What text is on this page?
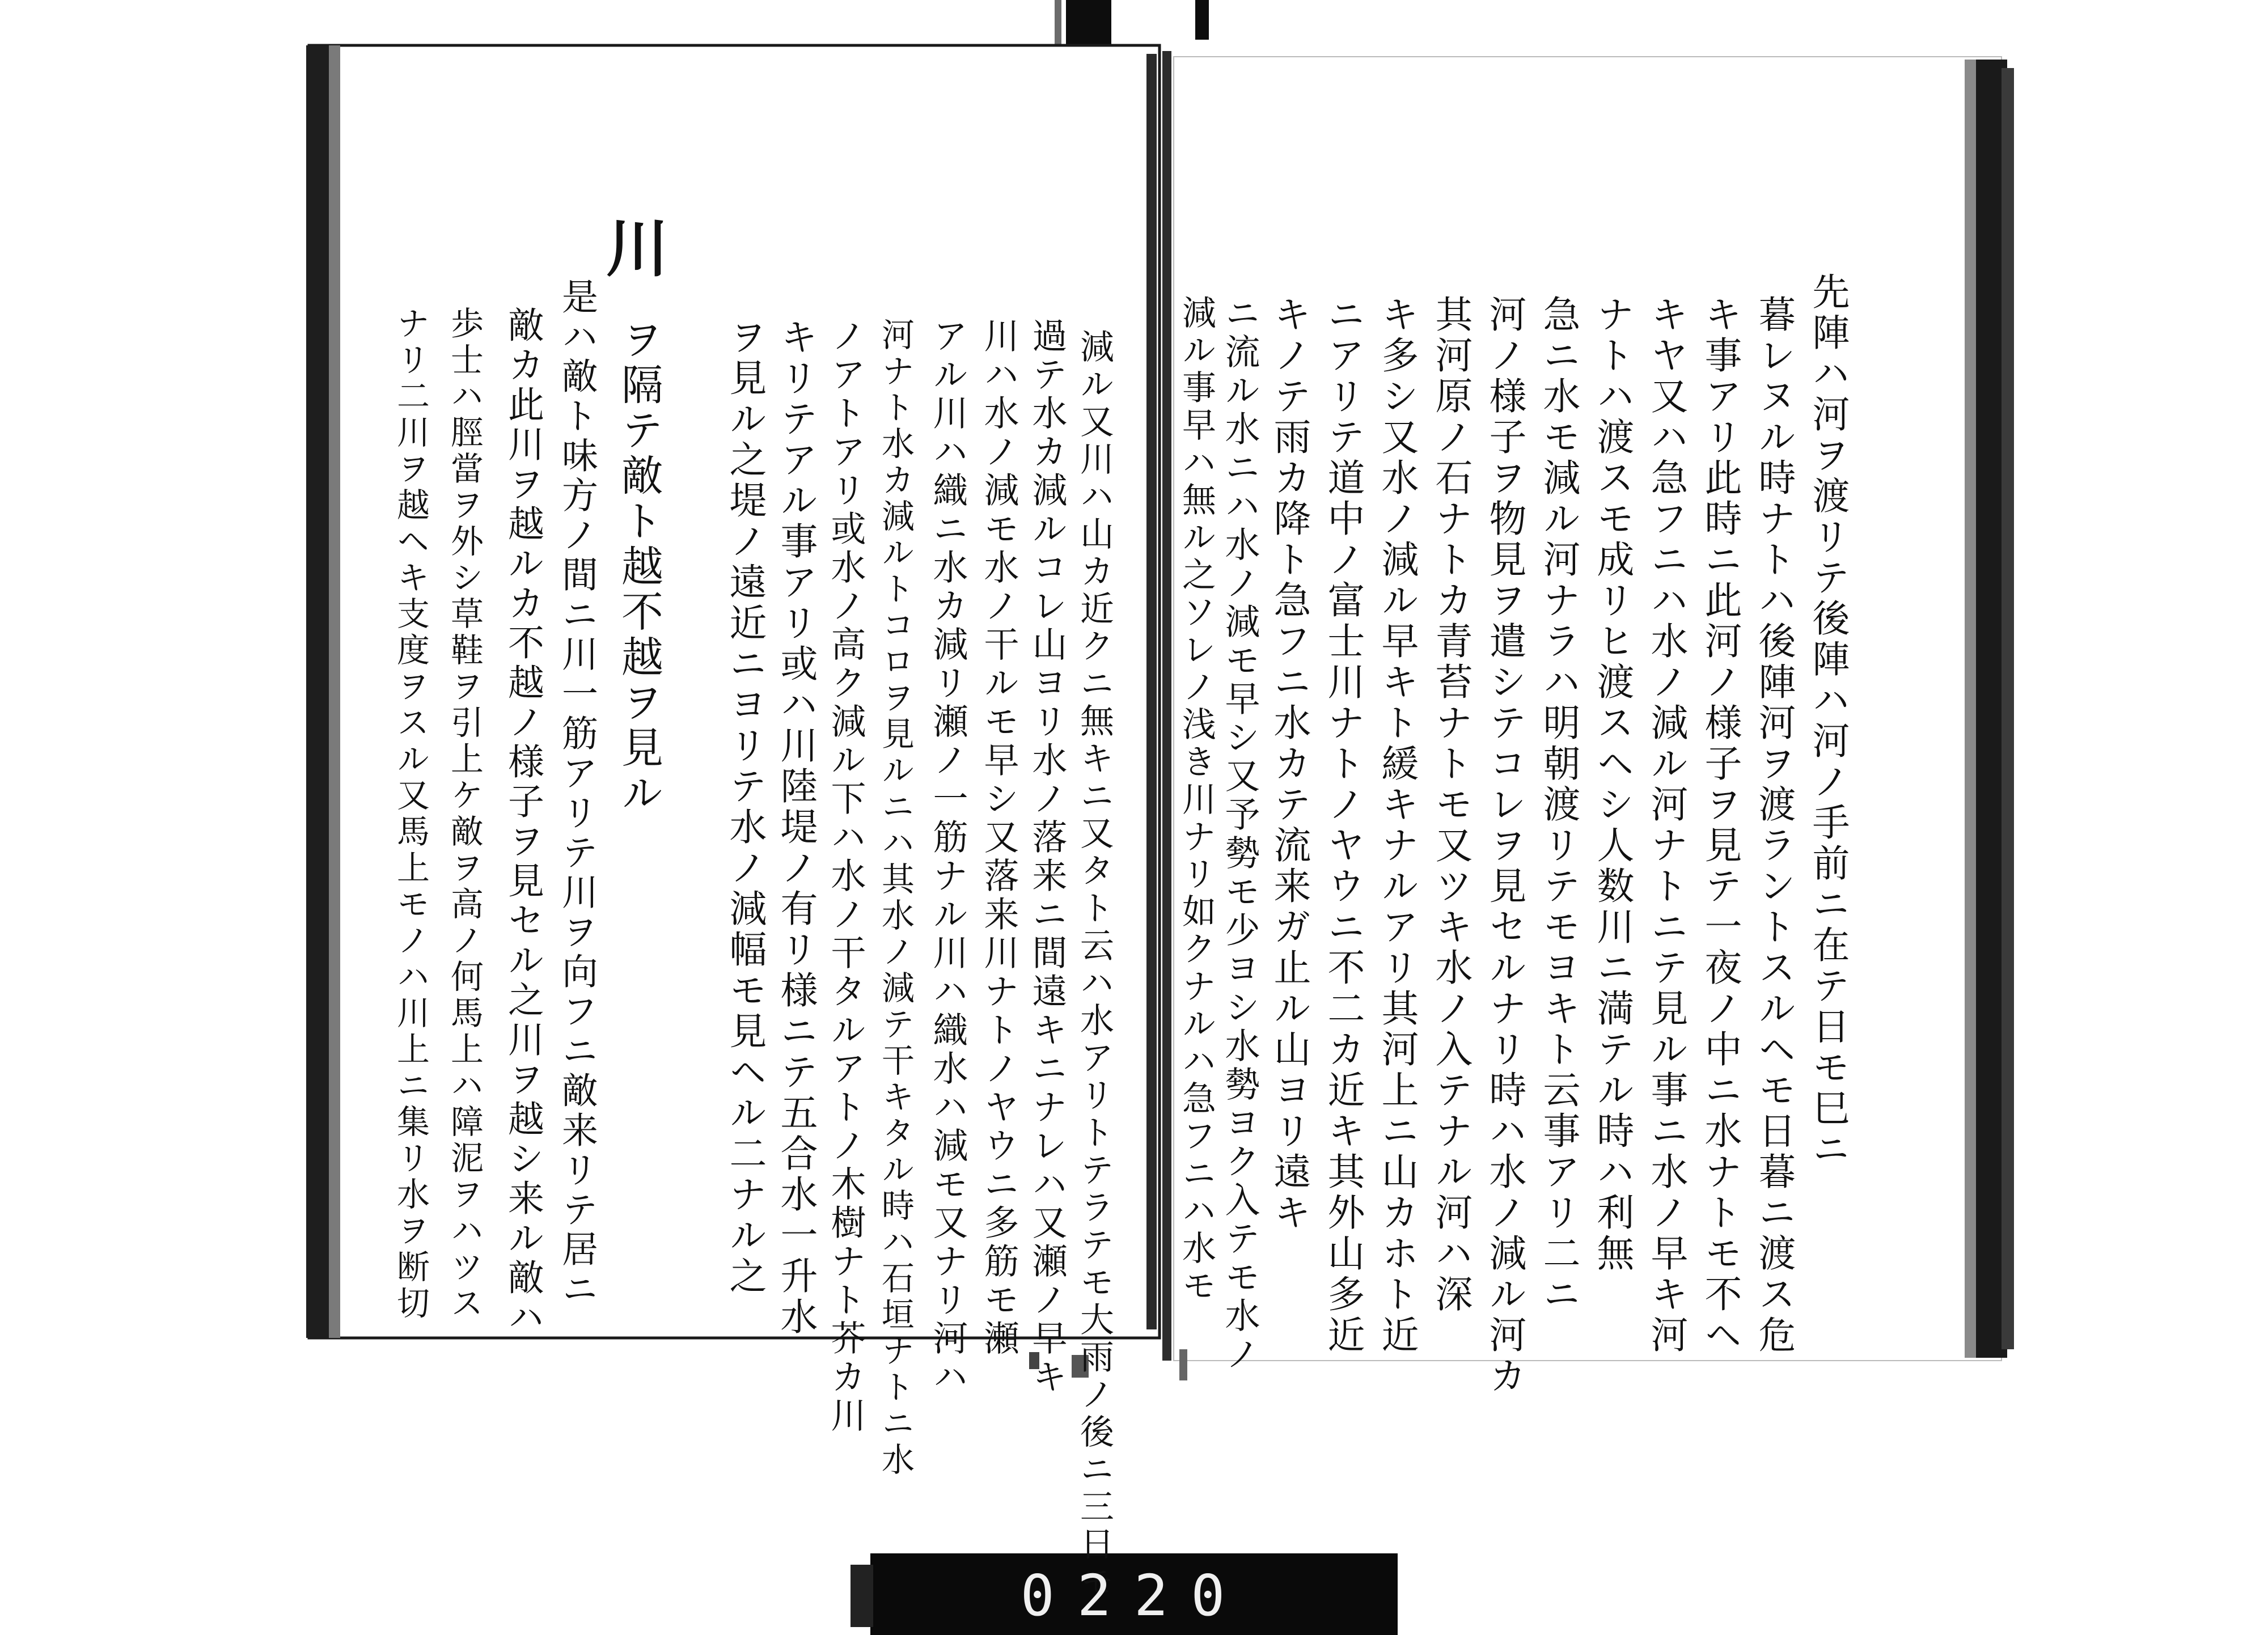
先陣ハ河ヲ渡リテ後陣ハ河ノ手前ニ在テ日モ巳ニ
暮レヌル時ナトハ後陣河ヲ渡ラントスルヘモ日暮ニ渡ス危
キ事アリ此時ニ此河ノ様子ヲ見テ一夜ノ中ニ水ナトモ不ヘ
キヤ又ハ急フニハ水ノ減ル河ナトニテ見ル事ニ水ノ早キ河
ナトハ渡スモ成リヒ渡スヘシ人数川ニ満テル時ハ利無
急ニ水モ減ル河ナラハ明朝渡リテモヨキト云事アリ二ニ
河ノ様子ヲ物見ヲ遣シテコレヲ見セルナリ時ハ水ノ減ル河カ
其河原ノ石ナトカ青苔ナトモ又ツキ水ノ入テナル河ハ深
キ多シ又水ノ減ル早キト緩キナルアリ其河上ニ山カホト近
ニアリテ道中ノ富士川ナトノヤウニ不二カ近キ其外山多近
キノテ雨カ降ト急フニ水カテ流来ガ止ル山ヨリ遠キ
ニ流ル水ニハ水ノ減モ早シ又予勢モ少ヨシ水勢ヨク入テモ水ノ
減ル事早ハ無ル之ソレノ浅き川ナリ如クナルハ急フニハ水モ
減ル又川ハ山カ近クニ無キニ又タト云ハ水アリトテラテモ大雨ノ後ニ三日モ
過テ水カ減ルコレ山ヨリ水ノ落来ニ間遠キニナレハ又瀬ノ早キ
川ハ水ノ減モ水ノ干ルモ早シ又落来川ナトノヤウニ多筋モ瀬
アル川ハ織ニ水カ減リ瀬ノ一筋ナル川ハ織水ハ減モ又ナリ河ハ
河ナト水カ減ルトコロヲ見ルニハ其水ノ減テ干キタル時ハ石垣ナトニ水
ノアトアリ或水ノ高ク減ル下ハ水ノ干タルアトノ木樹ナト芥カ川
キリテアル事アリ或ハ川陸堤ノ有リ様ニテ五合水一升水
ヲ見ル之堤ノ遠近ニヨリテ水ノ減幅モ見ヘル二ナル之
川
ヲ隔テ敵ト越不越ヲ見ル
是ハ敵ト味方ノ間ニ川一筋アリテ川ヲ向フニ敵来リテ居ニ
敵カ此川ヲ越ルカ不越ノ様子ヲ見セル之川ヲ越シ来ル敵ハ
歩士ハ脛當ヲ外シ草鞋ヲ引上ケ敵ヲ高ノ何馬上ハ障泥ヲハツス
ナリ二川ヲ越ヘキ支度ヲスル又馬上モノハ川上ニ集リ水ヲ断切
0220
